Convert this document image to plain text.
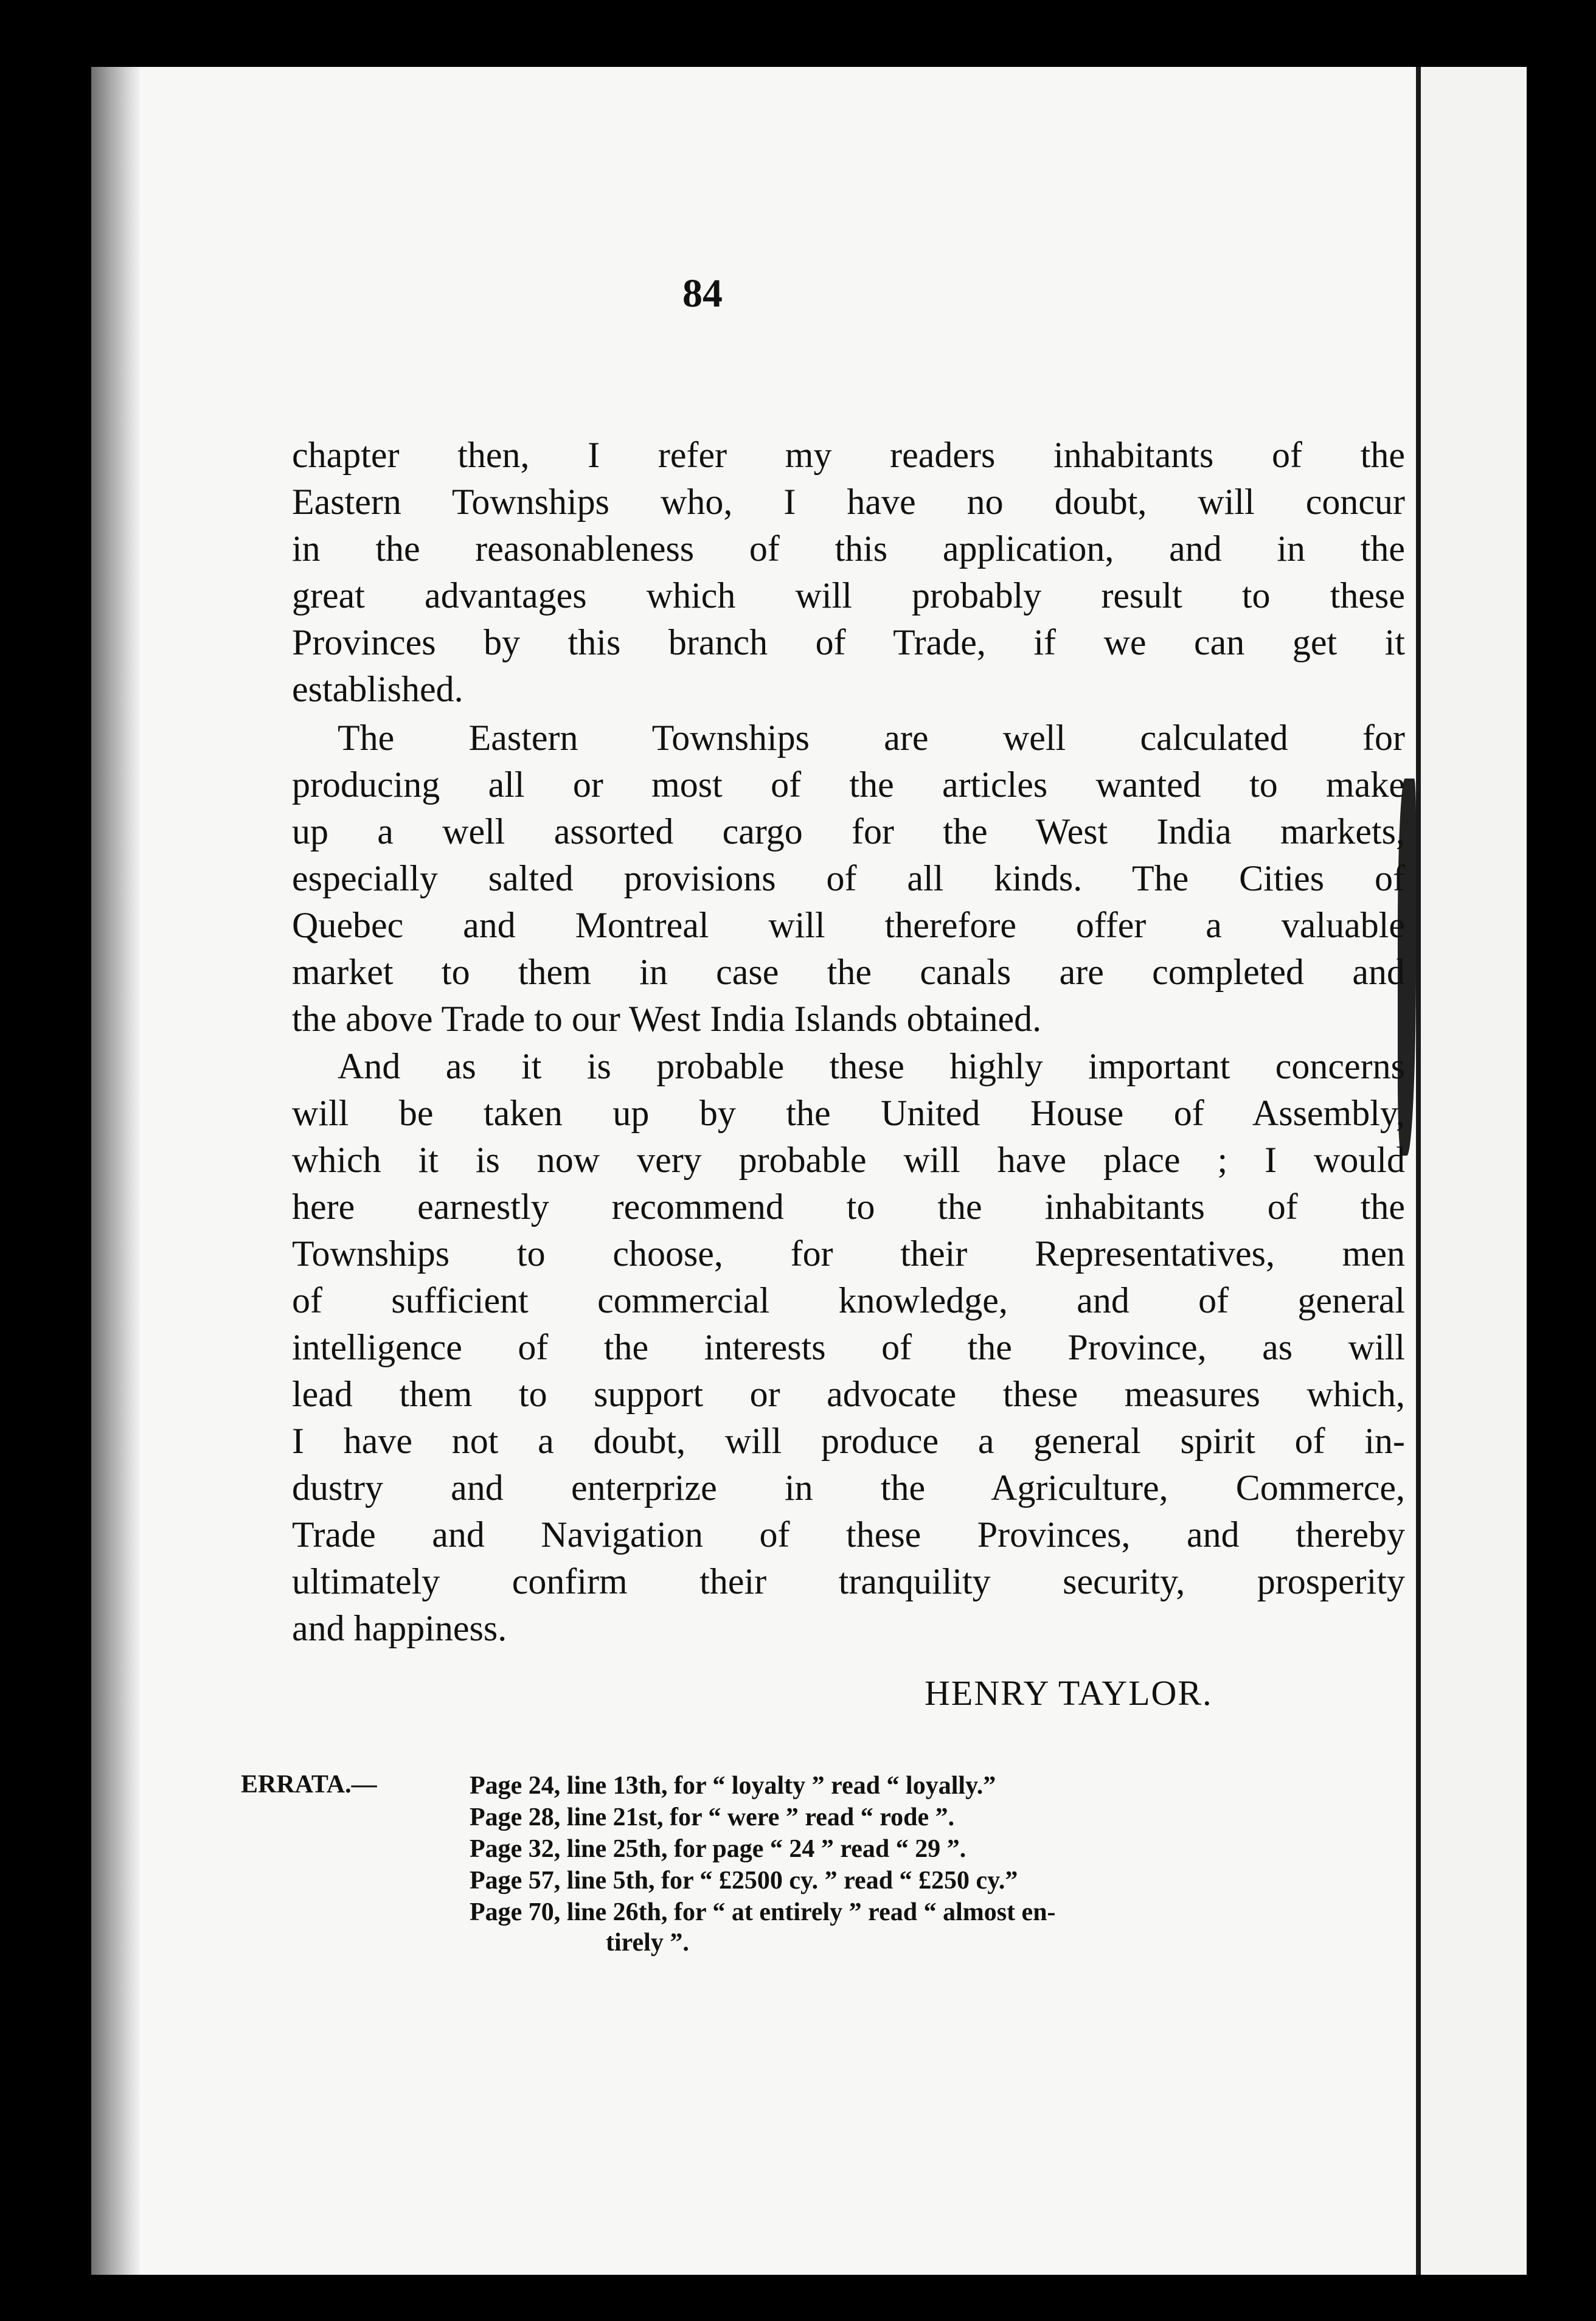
84
chapter then, I refer my readers inhabitants of the
Eastern Townships who, I have no doubt, will concur
in the reasonableness of this application, and in the
great advantages which will probably result to these
Provinces by this branch of Trade, if we can get it
established.
The Eastern Townships are well calculated for
producing all or most of the articles wanted to make
up a well assorted cargo for the West India markets,
especially salted provisions of all kinds. The Cities of
Quebec and Montreal will therefore offer a valuable
market to them in case the canals are completed and
the above Trade to our West India Islands obtained.
And as it is probable these highly important concerns
will be taken up by the United House of Assembly,
which it is now very probable will have place ; I would
here earnestly recommend to the inhabitants of the
Townships to choose, for their Representatives, men
of sufficient commercial knowledge, and of general
intelligence of the interests of the Province, as will
lead them to support or advocate these measures which,
I have not a doubt, will produce a general spirit of in-
dustry and enterprize in the Agriculture, Commerce,
Trade and Navigation of these Provinces, and thereby
ultimately confirm their tranquility security, prosperity
and happiness.
HENRY TAYLOR.
ERRATA.—	Page 24, line 13th, for “ loyalty ” read “ loyally.”
Page 28, line 21st, for “ were ” read “ rode ”.
Page 32, line 25th, for page “ 24 ” read “ 29 ”.
Page 57, line 5th, for “ £2500 cy. ” read “ £250 cy.”
Page 70, line 26th, for “ at entirely ” read “ almost en-
tirely ”.
